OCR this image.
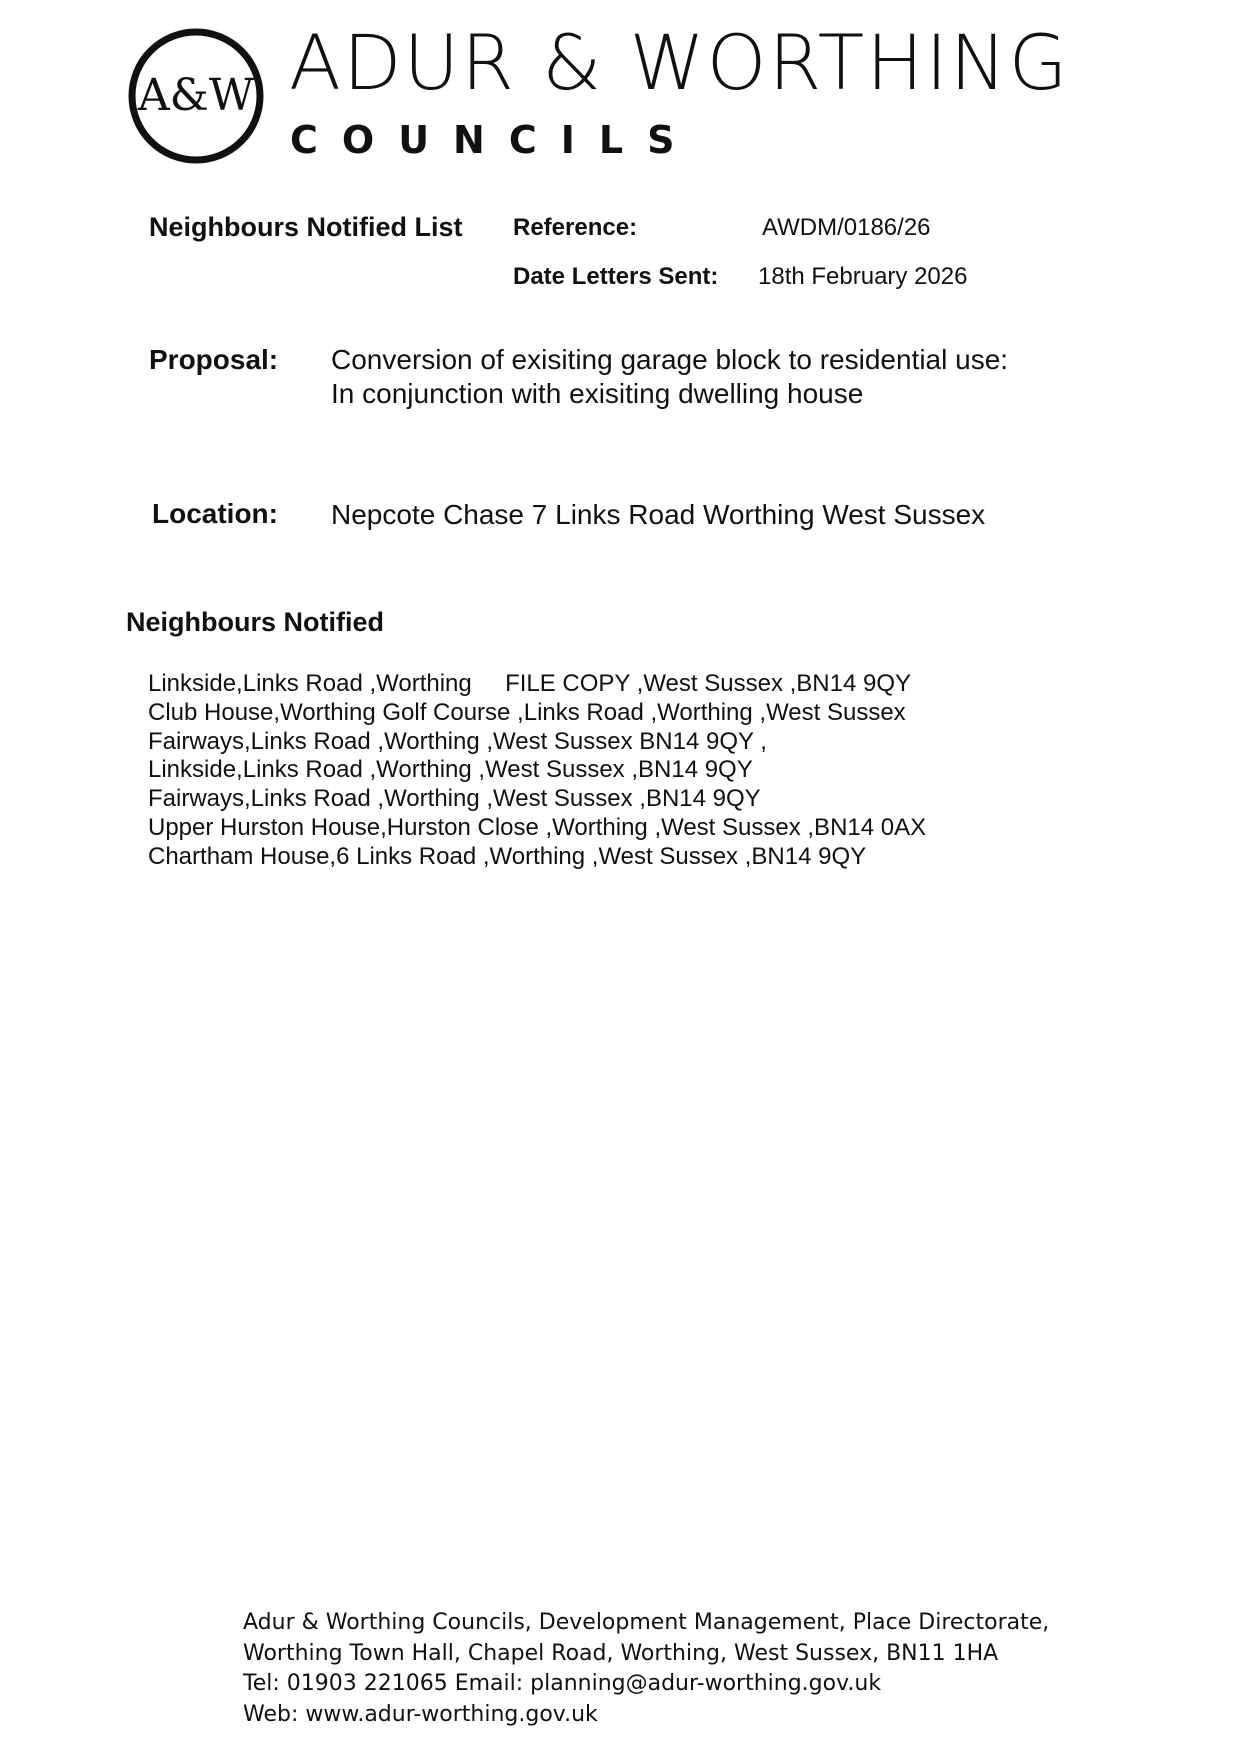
A&W ADUR & WORTHING
COUNCILS
Neighbours Notified List Reference:	AWDM/0186/26
Date Letters Sent: 18th February 2026
Proposal: Conversion of exisiting garage block to residential use:
In conjunction with exisiting dwelling house
Location: Nepcote Chase 7 Links Road Worthing West Sussex
Neighbours Notified
Linkside,Links Road ,Worthing     FILE COPY ,West Sussex ,BN14 9QY
Club House,Worthing Golf Course ,Links Road ,Worthing ,West Sussex
Fairways,Links Road ,Worthing ,West Sussex BN14 9QY ,
Linkside,Links Road ,Worthing ,West Sussex ,BN14 9QY
Fairways,Links Road ,Worthing ,West Sussex ,BN14 9QY
Upper Hurston House,Hurston Close ,Worthing ,West Sussex ,BN14 0AX
Chartham House,6 Links Road ,Worthing ,West Sussex ,BN14 9QY
Adur & Worthing Councils, Development Management, Place Directorate,
Worthing Town Hall, Chapel Road, Worthing, West Sussex, BN11 1HA
Tel: 01903 221065 Email: planning@adur-worthing.gov.uk
Web: www.adur-worthing.gov.uk
